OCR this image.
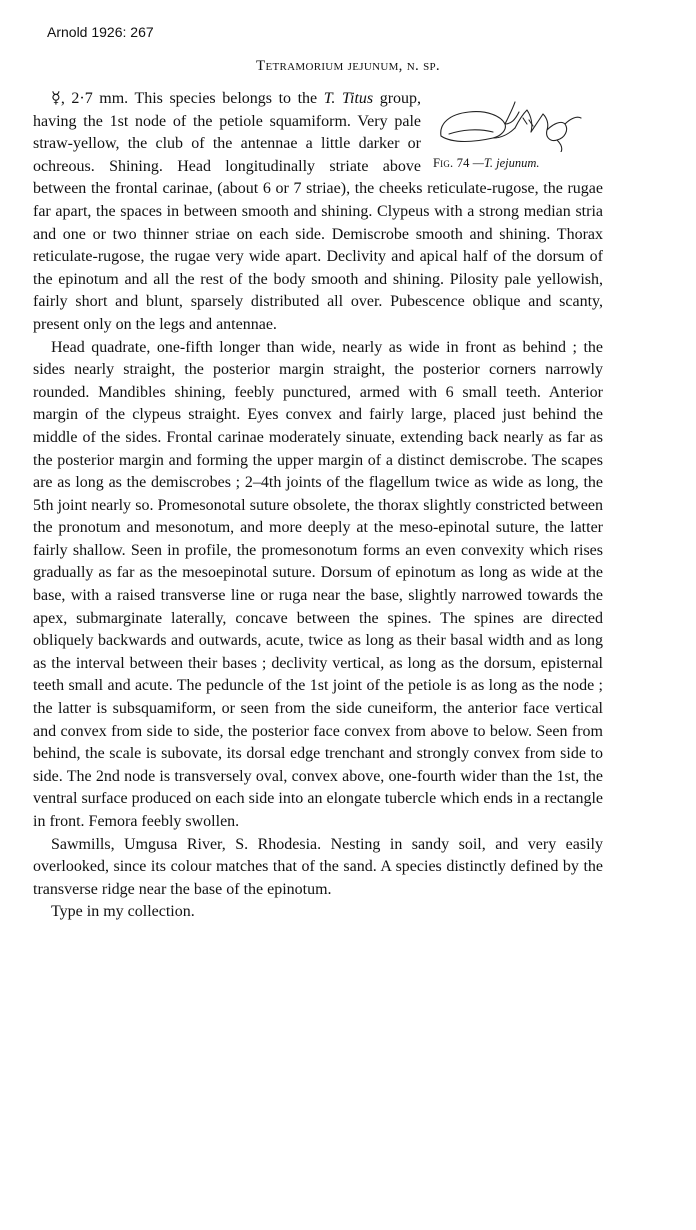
Arnold 1926: 267
Tetramorium jejunum, n. sp.

Fig. 74 —T. jejunum.
☿, 2·7 mm. This species belongs to the T. Titus group, having the 1st node of the petiole squamiform. Very pale straw-yellow, the club of the antennae a little darker or ochreous. Shining. Head longitudinally striate above between the frontal carinae, (about 6 or 7 striae), the cheeks reticulate-rugose, the rugae far apart, the spaces in between smooth and shining. Clypeus with a strong median stria and one or two thinner striae on each side. Demiscrobe smooth and shining. Thorax reticulate-rugose, the rugae very wide apart. Declivity and apical half of the dorsum of the epinotum and all the rest of the body smooth and shining. Pilosity pale yellowish, fairly short and blunt, sparsely distributed all over. Pubescence oblique and scanty, present only on the legs and antennae.

Head quadrate, one-fifth longer than wide, nearly as wide in front as behind ; the sides nearly straight, the posterior margin straight, the posterior corners narrowly rounded. Mandibles shining, feebly punctured, armed with 6 small teeth. Anterior margin of the clypeus straight. Eyes convex and fairly large, placed just behind the middle of the sides. Frontal carinae moderately sinuate, extending back nearly as far as the posterior margin and forming the upper margin of a distinct demiscrobe. The scapes are as long as the demiscrobes ; 2–4th joints of the flagellum twice as wide as long, the 5th joint nearly so. Promesonotal suture obsolete, the thorax slightly constricted between the pronotum and mesonotum, and more deeply at the meso-epinotal suture, the latter fairly shallow. Seen in profile, the promesonotum forms an even convexity which rises gradually as far as the mesoepinotal suture. Dorsum of epinotum as long as wide at the base, with a raised transverse line or ruga near the base, slightly narrowed towards the apex, submarginate laterally, concave between the spines. The spines are directed obliquely backwards and outwards, acute, twice as long as their basal width and as long as the interval between their bases ; declivity vertical, as long as the dorsum, episternal teeth small and acute. The peduncle of the 1st joint of the petiole is as long as the node ; the latter is subsquamiform, or seen from the side cuneiform, the anterior face vertical and convex from side to side, the posterior face convex from above to below. Seen from behind, the scale is subovate, its dorsal edge trenchant and strongly convex from side to side. The 2nd node is transversely oval, convex above, one-fourth wider than the 1st, the ventral surface produced on each side into an elongate tubercle which ends in a rectangle in front. Femora feebly swollen.

Sawmills, Umgusa River, S. Rhodesia. Nesting in sandy soil, and very easily overlooked, since its colour matches that of the sand. A species distinctly defined by the transverse ridge near the base of the epinotum.

Type in my collection.
